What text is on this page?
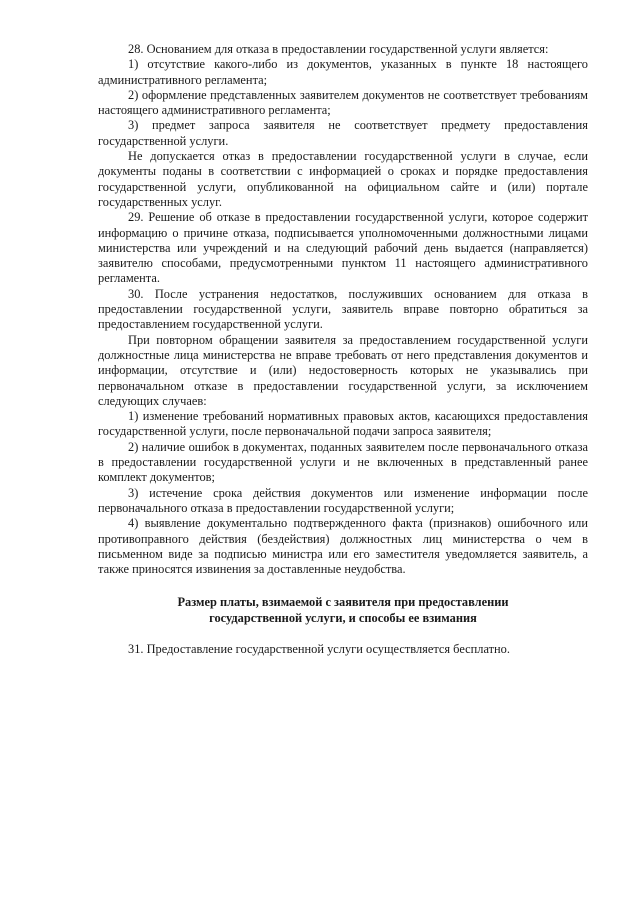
28. Основанием для отказа в предоставлении государственной услуги является:

1) отсутствие какого-либо из документов, указанных в пункте 18 настоящего административного регламента;

2) оформление представленных заявителем документов не соответствует требованиям настоящего административного регламента;

3) предмет запроса заявителя не соответствует предмету предоставления государственной услуги.

Не допускается отказ в предоставлении государственной услуги в случае, если документы поданы в соответствии с информацией о сроках и порядке предоставления государственной услуги, опубликованной на официальном сайте и (или) портале государственных услуг.

29. Решение об отказе в предоставлении государственной услуги, которое содержит информацию о причине отказа, подписывается уполномоченными должностными лицами министерства или учреждений и на следующий рабочий день выдается (направляется) заявителю способами, предусмотренными пунктом 11 настоящего административного регламента.

30. После устранения недостатков, послуживших основанием для отказа в предоставлении государственной услуги, заявитель вправе повторно обратиться за предоставлением государственной услуги.

При повторном обращении заявителя за предоставлением государственной услуги должностные лица министерства не вправе требовать от него представления документов и информации, отсутствие и (или) недостоверность которых не указывались при первоначальном отказе в предоставлении государственной услуги, за исключением следующих случаев:

1) изменение требований нормативных правовых актов, касающихся предоставления государственной услуги, после первоначальной подачи запроса заявителя;

2) наличие ошибок в документах, поданных заявителем после первоначального отказа в предоставлении государственной услуги и не включенных в представленный ранее комплект документов;

3) истечение срока действия документов или изменение информации после первоначального отказа в предоставлении государственной услуги;

4) выявление документально подтвержденного факта (признаков) ошибочного или противоправного действия (бездействия) должностных лиц министерства о чем в письменном виде за подписью министра или его заместителя уведомляется заявитель, а также приносятся извинения за доставленные неудобства.

Размер платы, взимаемой с заявителя при предоставлении
государственной услуги, и способы ее взимания

31. Предоставление государственной услуги осуществляется бесплатно.
